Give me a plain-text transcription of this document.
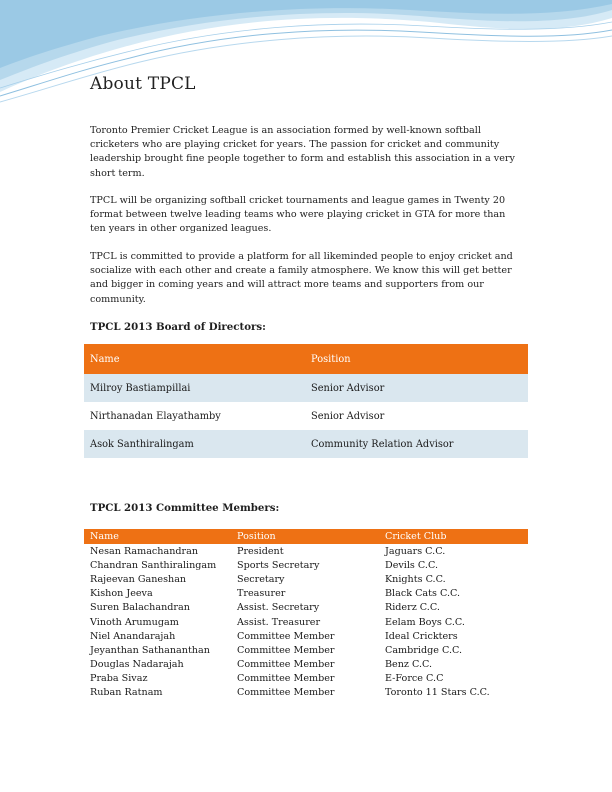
About TPCL
Toronto Premier Cricket League is an association formed by well-known softball cricketers who are playing cricket for years. The passion for cricket and community leadership brought fine people together to form and establish this association in a very short term.
TPCL will be organizing softball cricket tournaments and league games in Twenty 20 format between twelve leading teams who were playing cricket in GTA for more than ten years in other organized leagues.
TPCL is committed to provide a platform for all likeminded people to enjoy cricket and socialize with each other and create a family atmosphere. We know this will get better and bigger in coming years and will attract more teams and supporters from our community.
TPCL 2013 Board of Directors:
Name	Position
Milroy Bastiampillai	Senior Advisor
Nirthanadan Elayathamby	Senior Advisor
Asok Santhiralingam	Community Relation Advisor
TPCL 2013 Committee Members:
Name	Position	Cricket Club
Nesan Ramachandran	President	Jaguars C.C.
Chandran Santhiralingam	Sports Secretary	Devils C.C.
Rajeevan Ganeshan	Secretary	Knights C.C.
Kishon Jeeva	Treasurer	Black Cats C.C.
Suren Balachandran	Assist. Secretary	Riderz C.C.
Vinoth Arumugam	Assist. Treasurer	Eelam Boys C.C.
Niel Anandarajah	Committee Member	Ideal Crickters
Jeyanthan Sathananthan	Committee Member	Cambridge C.C.
Douglas Nadarajah	Committee Member	Benz C.C.
Praba Sivaz	Committee Member	E-Force C.C
Ruban Ratnam	Committee Member	Toronto 11 Stars C.C.
